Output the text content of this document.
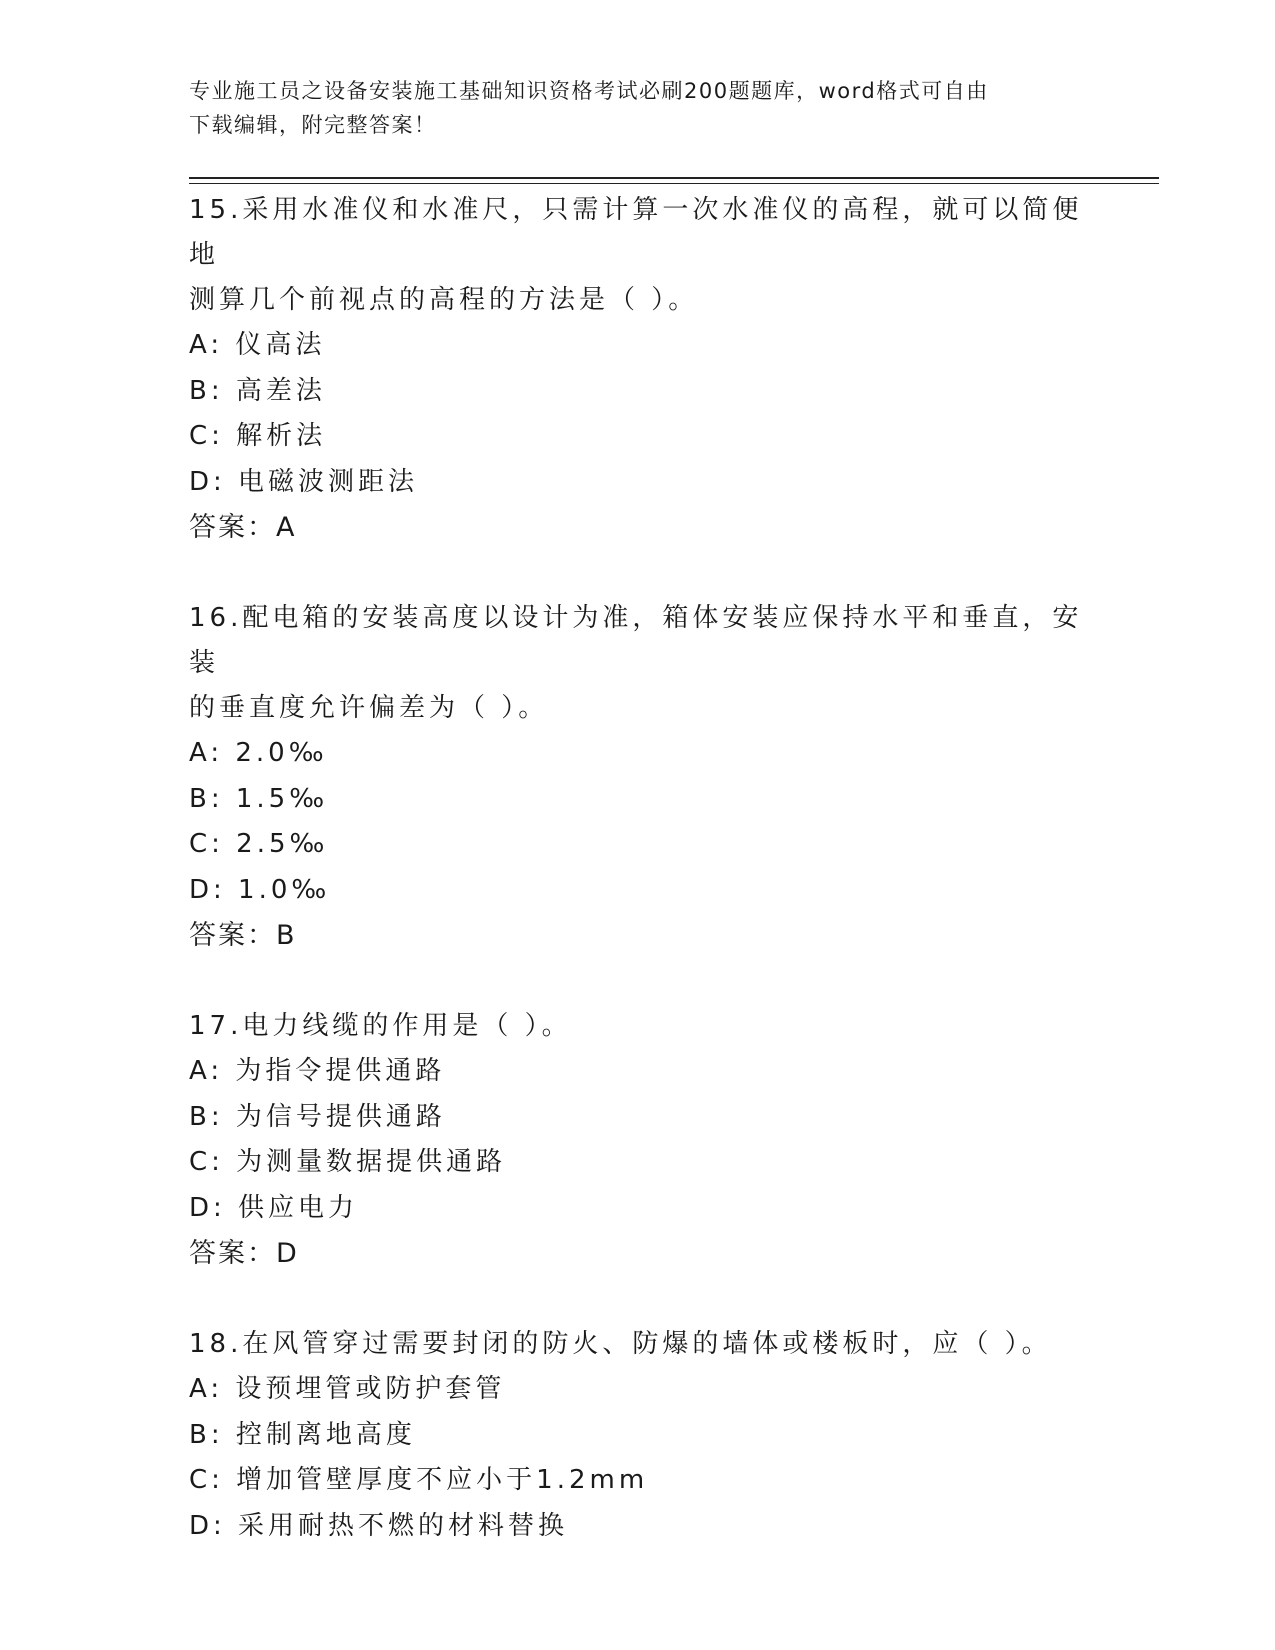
专业施工员之设备安装施工基础知识资格考试必刷200题题库，word格式可自由
下载编辑，附完整答案！
15.采用水准仪和水准尺，只需计算一次水准仪的高程，就可以简便地
测算几个前视点的高程的方法是（ ）。
A: 仪高法
B: 高差法
C: 解析法
D: 电磁波测距法
答案：A
16.配电箱的安装高度以设计为准，箱体安装应保持水平和垂直，安装
的垂直度允许偏差为（ ）。
A: 2.0‰
B: 1.5‰
C: 2.5‰
D: 1.0‰
答案：B
17.电力线缆的作用是（ ）。
A: 为指令提供通路
B: 为信号提供通路
C: 为测量数据提供通路
D: 供应电力
答案：D
18.在风管穿过需要封闭的防火、防爆的墙体或楼板时，应（ ）。
A: 设预埋管或防护套管
B: 控制离地高度
C: 增加管壁厚度不应小于1.2mm
D: 采用耐热不燃的材料替换
